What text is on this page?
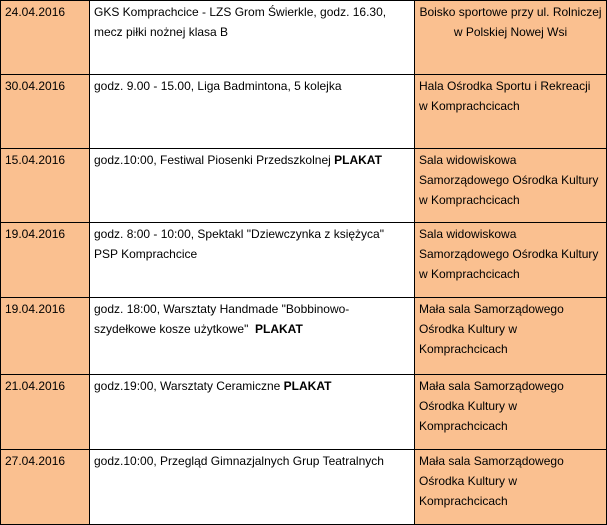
24.04.2016	GKS Komprachcice - LZS Grom Świerkle, godz. 16.30, mecz piłki nożnej klasa B	Boisko sportowe przy ul. Rolniczej w Polskiej Nowej Wsi
30.04.2016	godz. 9.00 - 15.00, Liga Badmintona, 5 kolejka	Hala Ośrodka Sportu i Rekreacji w Komprachcicach
15.04.2016	godz.10:00, Festiwal Piosenki Przedszkolnej PLAKAT	Sala widowiskowa Samorządowego Ośrodka Kultury w Komprachcicach
19.04.2016	godz. 8:00 - 10:00, Spektakl "Dziewczynka z księżyca" PSP Komprachcice	Sala widowiskowa Samorządowego Ośrodka Kultury w Komprachcicach
19.04.2016	godz. 18:00, Warsztaty Handmade "Bobbinowo-szydełkowe kosze użytkowe" PLAKAT	Mała sala Samorządowego Ośrodka Kultury w Komprachcicach
21.04.2016	godz.19:00, Warsztaty Ceramiczne PLAKAT	Mała sala Samorządowego Ośrodka Kultury w Komprachcicach
27.04.2016	godz.10:00, Przegląd Gimnazjalnych Grup Teatralnych	Mała sala Samorządowego Ośrodka Kultury w Komprachcicach
